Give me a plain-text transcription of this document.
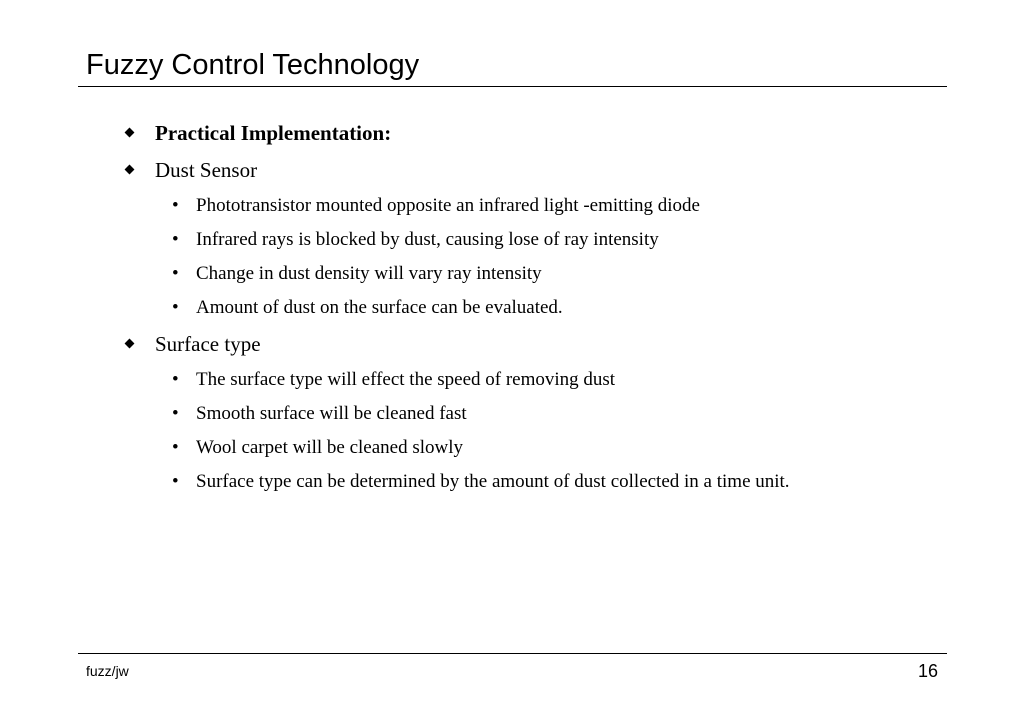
Fuzzy Control Technology
Practical Implementation:
Dust Sensor
• Phototransistor mounted opposite an infrared light -emitting diode
• Infrared rays is blocked by dust, causing lose of ray intensity
• Change in dust density will vary ray intensity
• Amount of dust on the surface can be evaluated.
Surface type
• The surface type will effect the speed of removing dust
• Smooth surface will be cleaned fast
• Wool carpet will be cleaned slowly
• Surface type can be determined by the amount of dust collected in a time unit.
fuzz/jw	16
